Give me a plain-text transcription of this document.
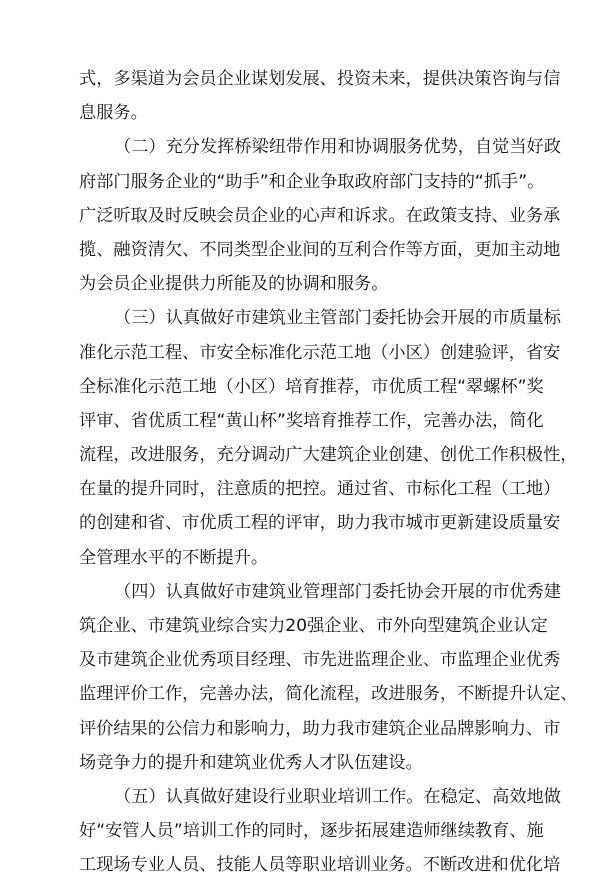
式，多渠道为会员企业谋划发展、投资未来，提供决策咨询与信
息服务。
（二）充分发挥桥梁纽带作用和协调服务优势，自觉当好政
府部门服务企业的“助手”和企业争取政府部门支持的“抓手”。
广泛听取及时反映会员企业的心声和诉求。在政策支持、业务承
揽、融资清欠、不同类型企业间的互利合作等方面，更加主动地
为会员企业提供力所能及的协调和服务。
（三）认真做好市建筑业主管部门委托协会开展的市质量标
准化示范工程、市安全标准化示范工地（小区）创建验评，省安
全标准化示范工地（小区）培育推荐，市优质工程“翠螺杯”奖
评审、省优质工程“黄山杯”奖培育推荐工作，完善办法，简化
流程，改进服务，充分调动广大建筑企业创建、创优工作积极性，
在量的提升同时，注意质的把控。通过省、市标化工程（工地）
的创建和省、市优质工程的评审，助力我市城市更新建设质量安
全管理水平的不断提升。
（四）认真做好市建筑业管理部门委托协会开展的市优秀建
筑企业、市建筑业综合实力20强企业、市外向型建筑企业认定
及市建筑企业优秀项目经理、市先进监理企业、市监理企业优秀
监理评价工作，完善办法，简化流程，改进服务，不断提升认定、
评价结果的公信力和影响力，助力我市建筑企业品牌影响力、市
场竞争力的提升和建筑业优秀人才队伍建设。
（五）认真做好建设行业职业培训工作。在稳定、高效地做
好“安管人员”培训工作的同时，逐步拓展建造师继续教育、施
工现场专业人员、技能人员等职业培训业务。不断改进和优化培
